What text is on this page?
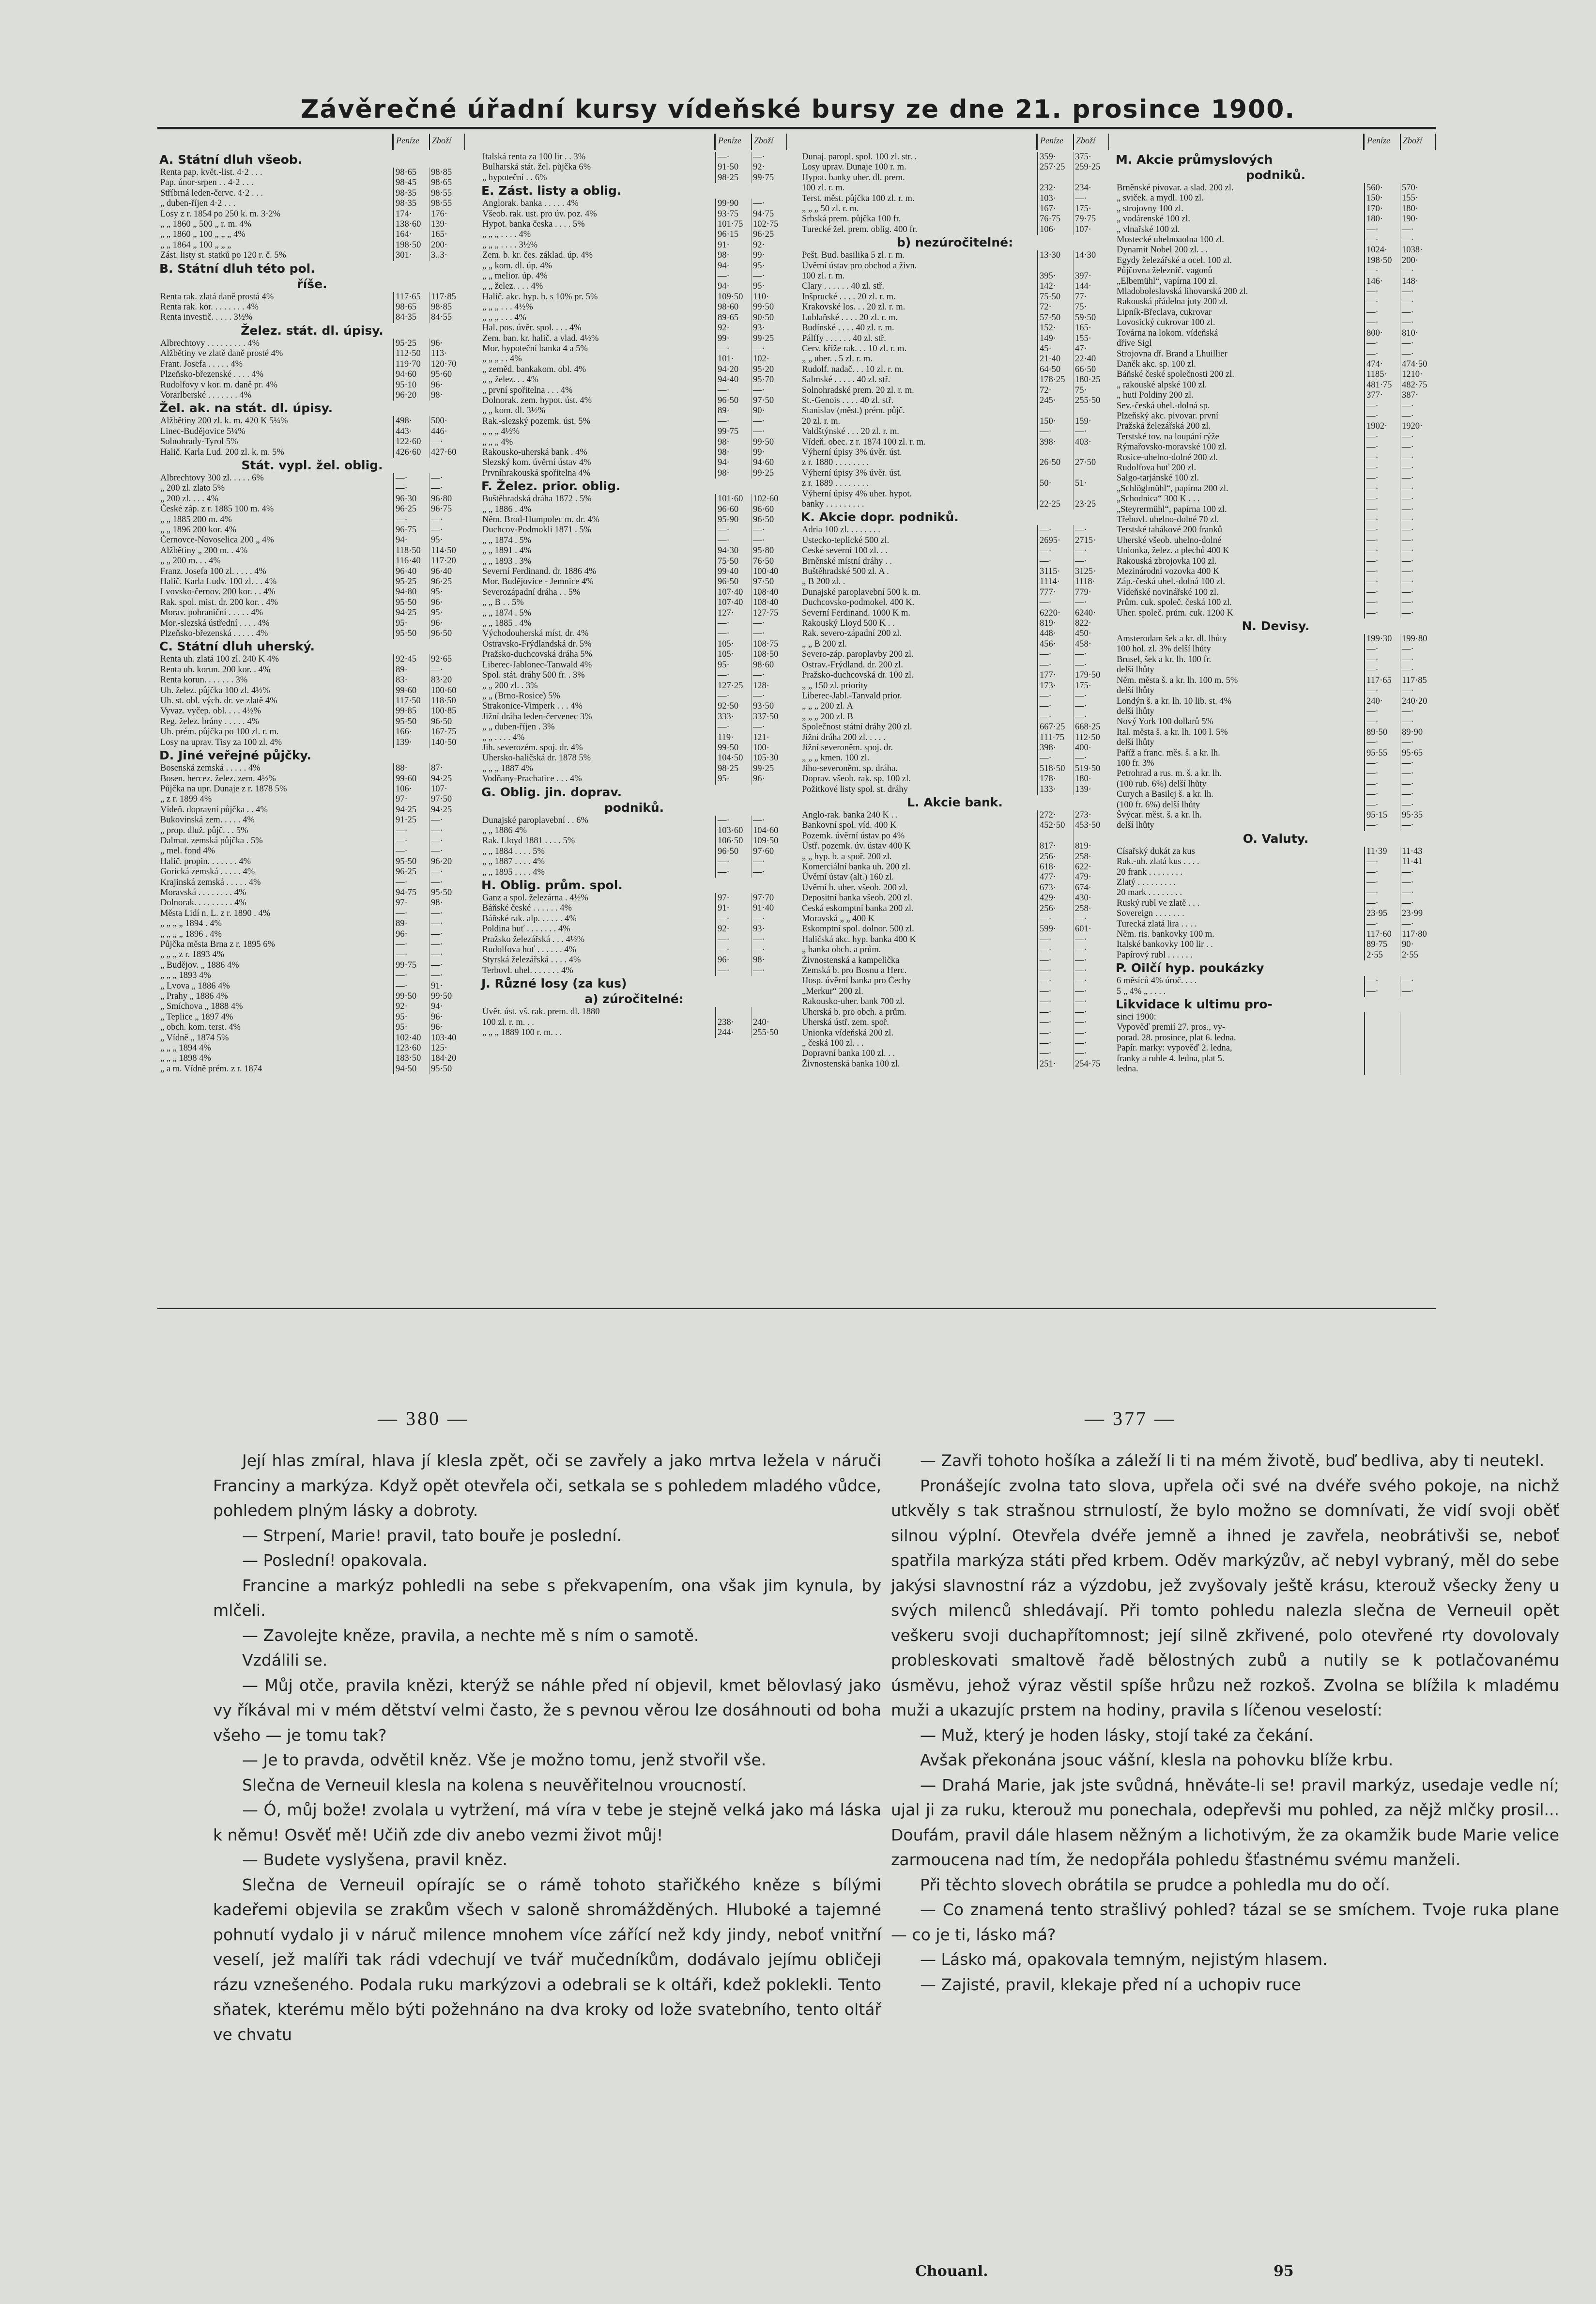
Závěrečné úřadní kursy vídeňské bursy ze dne 21. prosince 1900.
Peníze Zboží
A. Státní dluh všeob.
Renta pap. květ.-list. 4·2 . . .	98·65	98·85
Pap. únor-srpen . . 4·2 . . .	98·45	98·65
Stříbrná leden-červc. 4·2 . . .	98·35	98·55
„ duben-říjen 4·2 . . .	98·35	98·55
Losy z r. 1854 po 250 k. m. 3·2%	174·	176·
„ „ 1860 „ 500 „ r. m. 4%	138·60	139·
„ „ 1860 „ 100 „ „ „ 4%	164·	165·
„ „ 1864 „ 100 „ „ „	198·50	200·
Zást. listy st. statků po 120 r. č. 5%	301·	3..3·
B. Státní dluh této pol.
říše.
Renta rak. zlatá daně prostá 4%	117·65	117·85
Renta rak. kor. . . . . . . . 4%	98·65	98·85
Renta investič. . . . . 3½%	84·35	84·55
Želez. stát. dl. úpisy.
Albrechtovy . . . . . . . . . 4%	95·25	96·
Alžbětiny ve zlatě daně prosté 4%	112·50	113·
Frant. Josefa . . . . . 4%	119·70	120·70
Plzeňsko-březenské . . . . 4%	94·60	95·60
Rudolfovy v kor. m. daně pr. 4%	95·10	96·
Vorarlberské . . . . . . . 4%	96·20	98·
Žel. ak. na stát. dl. úpisy.
Alžbětiny 200 zl. k. m. 420 K 5¼%	498·	500·
Linec-Budějovice 5¼%	443·	446·
Solnohrady-Tyrol 5%	122·60	—·
Halič. Karla Lud. 200 zl. k. m. 5%	426·60	427·60
Stát. vypl. žel. oblig.
Albrechtovy 300 zl. . . . . 6%	—·	—·
„ 200 zl. zlato 5%	—·	—·
„ 200 zl. . . . 4%	96·30	96·80
České záp. z r. 1885 100 m. 4%	96·25	96·75
„ „ 1885 200 m. 4%	—·	—·
„ „ 1896 200 kor. 4%	96·75	—·
Černovce-Novoselica 200 „ 4%	94·	95·
Alžbětiny „ 200 m. . 4%	118·50	114·50
„ „ 200 m. . . 4%	116·40	117·20
Franz. Josefa 100 zl. . . . . 4%	96·40	96·40
Halič. Karla Ludv. 100 zl. . . 4%	95·25	96·25
Lvovsko-černov. 200 kor. . . 4%	94·80	95·
Rak. spol. mist. dr. 200 kor. . 4%	95·50	96·
Morav. pohraniční . . . . . 4%	94·25	95·
Mor.-slezská ústřední . . . . 4%	95·	96·
Plzeňsko-březenská . . . . . 4%	95·50	96·50
C. Státní dluh uherský.
Renta uh. zlatá 100 zl. 240 K 4%	92·45	92·65
Renta uh. korun. 200 kor. . 4%	89·	—·
Renta korun. . . . . . . 3%	83·	83·20
Uh. želez. půjčka 100 zl. 4½%	99·60	100·60
Uh. st. obl. vých. dr. ve zlatě 4%	117·50	118·50
Vyvaz. vyčep. obl. . . . 4½%	99·85	100·85
Reg. želez. brány . . . . . 4%	95·50	96·50
Uh. prém. půjčka po 100 zl. r. m.	166·	167·75
Losy na uprav. Tisy za 100 zl. 4%	139·	140·50
D. Jiné veřejné půjčky.
Bosenská zemská . . . . . 4%	88·	87·
Bosen. hercez. želez. zem. 4½%	99·60	94·25
Půjčka na upr. Dunaje z r. 1878 5%	106·	107·
„ z r. 1899 4%	97·	97·50
Vídeň. dopravní půjčka . . 4%	94·25	94·25
Bukovinská zem. . . . . 4%	91·25	—·
„ prop. dluž. půjč. . . 5%	—·	—·
Dalmat. zemská půjčka . 5%	—·	—·
„ mel. fond 4%	—·	—·
Halič. propin. . . . . . . 4%	95·50	96·20
Gorická zemská . . . . . 4%	96·25	—·
Krajinská zemská . . . . . 4%	—·	—·
Moravská . . . . . . . . 4%	94·75	95·50
Dolnorak. . . . . . . . . 4%	97·	98·
Města Lidí n. L. z r. 1890 . 4%	—·	—·
„ „ „ „ 1894 . 4%	89·	—·
„ „ „ „ 1896 . 4%	96·	—·
Půjčka města Brna z r. 1895 6%	—·	—·
„ „ „ z r. 1893 4%	—·	—·
„ Budějov. „ 1886 4%	99·75	—·
„ „ „ 1893 4%	—·	—·
„ Lvova „ 1886 4%	—·	91·
„ Prahy „ 1886 4%	99·50	99·50
„ Smíchova „ 1888 4%	92·	94·
„ Teplice „ 1897 4%	95·	96·
„ obch. kom. terst. 4%	95·	96·
„ Vídně „ 1874 5%	102·40	103·40
„ „ „ 1894 4%	123·60	125·
„ „ „ 1898 4%	183·50	184·20
„ a m. Vídně prém. z r. 1874	94·50	95·50
Peníze Zboží
Italská renta za 100 lir . . 3%	—·	—·
Bulharská stát. žel. půjčka 6%	91·50	92·
„ hypoteční . . 6%	98·25	99·75
E. Zást. listy a oblig.
Anglorak. banka . . . . . 4%	99·90	—·
Všeob. rak. ust. pro úv. poz. 4%	93·75	94·75
Hypot. banka česka . . . . 5%	101·75	102·75
„ „ „ . . . . 4%	96·15	96·25
„ „ „ . . . . 3½%	91·	92·
Zem. b. kr. čes. základ. úp. 4%	98·	99·
„ „ kom. dl. úp. 4%	94·	95·
„ „ melior. úp. 4%	—·	—·
„ „ želez. . . . 4%	94·	95·
Halič. akc. hyp. b. s 10% pr. 5%	109·50	110·
„ „ „ . . . 4½%	98·60	99·50
„ „ „ . . . 4%	89·65	90·50
Hal. pos. úvěr. spol. . . . 4%	92·	93·
Zem. ban. kr. halič. a vlad. 4½%	99·	99·25
Mor. hypoteční banka 4 a 5%	—·	—·
„ „ „ . . 4%	101·	102·
„ zeměd. bankakom. obl. 4%	94·20	95·20
„ „ želez. . . 4%	94·40	95·70
„ první spořitelna . . . 4%	—·	—·
Dolnorak. zem. hypot. úst. 4%	96·50	97·50
„ „ kom. dl. 3½%	89·	90·
Rak.-slezský pozemk. úst. 5%	—·	—·
„ „ „ 4½%	99·75	—·
„ „ „ 4%	98·	99·50
Rakousko-uherská bank . 4%	98·	99·
Slezský kom. úvěrní ústav 4%	94·	94·60
Prvníhrakouská spořitelna 4%	98·	99·25
F. Želez. prior. oblig.
Buštěhradská dráha 1872 . 5%	101·60	102·60
„ „ 1886 . 4%	96·60	96·60
Něm. Brod-Humpolec m. dr. 4%	95·90	96·50
Duchcov-Podmokli 1871 . 5%	—·	—·
„ „ 1874 . 5%	—·	—·
„ „ 1891 . 4%	94·30	95·80
„ „ 1893 . 3%	75·50	76·50
Severní Ferdinand. dr. 1886 4%	99·40	100·40
Mor. Budějovice - Jemnice 4%	96·50	97·50
Severozápadní dráha . . 5%	107·40	108·40
„ „ B . . 5%	107·40	108·40
„ „ 1874 . 5%	127·	127·75
„ „ 1885 . 4%	—·	—·
Východouherská míst. dr. 4%	—·	—·
Ostravsko-Frýdlandská dr. 5%	105·	108·75
Pražsko-duchcovská dráha 5%	105·	108·50
Liberec-Jablonec-Tanwald 4%	95·	98·60
Spol. stát. dráhy 500 fr. . 3%	—·	—·
„ „ 200 zl. . 3%	127·25	128·
„ „ (Brno-Rosice) 5%	—·	—·
Strakonice-Vimperk . . . 4%	92·50	93·50
Jižní dráha leden-červenec 3%	333·	337·50
„ „ duben-říjen . 3%	—·	—·
„ „ . . . . 4%	119·	121·
Jih. severozém. spoj. dr. 4%	99·50	100·
Uhersko-haličská dr. 1878 5%	104·50	105·30
„ „ „ 1887 4%	98·25	99·25
Vodňany-Prachatice . . . 4%	95·	96·
G. Oblig. jin. doprav.
podniků.
Dunajské paroplavební . . 6%	—·	—·
„ „ 1886 4%	103·60	104·60
Rak. Lloyd 1881 . . . . 5%	106·50	109·50
„ „ 1884 . . . . 5%	96·50	97·60
„ „ 1887 . . . . 4%	—·	—·
„ „ 1895 . . . . 4%	—·	—·
H. Oblig. prům. spol.
Ganz a spol. železárna . 4½%	97·	97·70
Báňské české . . . . . . 4%	91·	91·40
Báňské rak. alp. . . . . . 4%	—·	—·
Poldina huť . . . . . . . 4%	92·	93·
Pražsko železářská . . . 4½%	—·	—·
Rudolfova huť . . . . . . 4%	—·	—·
Styrská železářská . . . . 4%	96·	98·
Terbovl. uhel. . . . . . . 4%	—·	—·
J. Různé losy (za kus)
a) zúročitelné:
Úvěr. úst. vš. rak. prem. dl. 1880
100 zl. r. m. . .	238·	240·
„ „ „ 1889 100 r. m. . .	244·	255·50
Peníze Zboží
Dunaj. paropl. spol. 100 zl. str. .	359·	375·
Losy uprav. Dunaje 100 r. m.	257·25	259·25
Hypot. banky uher. dl. prem.
100 zl. r. m.	232·	234·
Terst. měst. půjčka 100 zl. r. m.	103·	—·
„ „ „ 50 zl. r. m.	167·	175·
Srbská prem. půjčka 100 fr.	76·75	79·75
Turecké žel. prem. oblig. 400 fr.	106·	107·
b) nezúročitelné:
Pešt. Bud. basilika 5 zl. r. m.	13·30	14·30
Úvěrní ústav pro obchod a živn.
100 zl. r. m.	395·	397·
Clary . . . . . . 40 zl. stř.	142·	144·
Inšprucké . . . . 20 zl. r. m.	75·50	77·
Krakovské los. . . 20 zl. r. m.	72·	75·
Lublaňské . . . . 20 zl. r. m.	57·50	59·50
Budínské . . . . 40 zl. r. m.	152·	165·
Pálffy . . . . . . 40 zl. stř.	149·	155·
Cerv. kříže rak. . . 10 zl. r. m.	45·	47·
„ „ uher. . 5 zl. r. m.	21·40	22·40
Rudolf. nadač. . . 10 zl. r. m.	64·50	66·50
Salmské . . . . . 40 zl. stř.	178·25	180·25
Solnohradské prem. 20 zl. r. m.	72·	75·
St.-Genois . . . . 40 zl. stř.	245·	255·50
Stanislav (měst.) prém. půjč.
20 zl. r. m.	150·	159·
Valdštýnské . . . 20 zl. r. m.	—·	—·
Vídeň. obec. z r. 1874 100 zl. r. m.	398·	403·
Výherní úpisy 3% úvěr. úst.
z r. 1880 . . . . . . . .	26·50	27·50
Výherní úpisy 3% úvěr. úst.
z r. 1889 . . . . . . . .	50·	51·
Výherní úpisy 4% uher. hypot.
banky . . . . . . . . .	22·25	23·25
K. Akcie dopr. podniků.
Adria 100 zl. . . . . . . .	—·	—·
Ústecko-teplické 500 zl.	2695·	2715·
České severní 100 zl. . .	—·	—·
Brněnské místní dráhy . .	—·	—·
Buštěhradské 500 zl. A .	3115·	3125·
„ B 200 zl. .	1114·	1118·
Dunajské paroplavební 500 k. m.	777·	779·
Duchcovsko-podmokel. 400 K.	—·	—·
Severní Ferdinand. 1000 K m.	6220·	6240·
Rakouský Lloyd 500 K . .	819·	822·
Rak. severo-západní 200 zl.	448·	450·
„ „ B 200 zl.	456·	458·
Severo-záp. paroplavby 200 zl.	—·	—·
Ostrav.-Frýdland. dr. 200 zl.	—·	—·
Pražsko-duchcovská dr. 100 zl.	177·	179·50
„ „ 150 zl. priority	173·	175·
Liberec-Jabl.-Tanvald prior.	—·	—·
„ „ „ 200 zl. A	—·	—·
„ „ „ 200 zl. B	—·	—·
Společnost státní dráhy 200 zl.	667·25	668·25
Jižní dráha 200 zl. . . . .	111·75	112·50
Jižní severoněm. spoj. dr.	398·	400·
„ „ „ kmen. 100 zl.	—·	—·
Jiho-severoněm. sp. dráha.	518·50	519·50
Doprav. všeob. rak. sp. 100 zl.	178·	180·
Požitkové listy spol. st. dráhy	133·	139·
L. Akcie bank.
Anglo-rak. banka 240 K . .	272·	273·
Bankovní spol. víd. 400 K	452·50	453·50
Pozemk. úvěrní ústav po 4%
Ústř. pozemk. úv. ústav 400 K	817·	819·
„ „ hyp. b. a spoř. 200 zl.	256·	258·
Komerciální banka uh. 200 zl.	618·	622·
Úvěrní ústav (alt.) 160 zl.	477·	479·
Úvěrní b. uher. všeob. 200 zl.	673·	674·
Depositní banka všeob. 200 zl.	429·	430·
Česká eskomptní banka 200 zl.	256·	258·
Moravská „ „ 400 K	—·	—·
Eskomptní spol. dolnor. 500 zl.	599·	601·
Haličská akc. hyp. banka 400 K	—·	—·
„ banka obch. a prům.	—·	—·
Živnostenská a kampelička	—·	—·
Zemská b. pro Bosnu a Herc.	—·	—·
Hosp. úvěrní banka pro Čechy	—·	—·
„Merkur“ 200 zl.	—·	—·
Rakousko-uher. bank 700 zl.	—·	—·
Uherská b. pro obch. a prům.	—·	—·
Uherská ústř. zem. spoř.	—·	—·
Unionka vídeňská 200 zl.	—·	—·
„ česká 100 zl. . .	—·	—·
Dopravní banka 100 zl. . .	—·	—·
Živnostenská banka 100 zl.	251·	254·75
Peníze Zboží
M. Akcie průmyslových
podniků.
Brněnské pivovar. a slad. 200 zl.	560·	570·
„ sviček. a mydl. 100 zl.	150·	155·
„ strojovny 100 zl.	170·	180·
„ vodárenské 100 zl.	180·	190·
„ vlnařské 100 zl.	—·	—·
Mostecké uhelnoaolna 100 zl.	—·	—·
Dynamit Nobel 200 zl. . .	1024·	1038·
Egydy železářské a ocel. 100 zl.	198·50	200·
Půjčovna železnič. vagonů	—·	—·
„Elbemühl“, vapírna 100 zl.	146·	148·
Mladoboleslavská lihovarská 200 zl.	—·	—·
Rakouská přádelna juty 200 zl.	—·	—·
Lipník-Břeclava, cukrovar	—·	—·
Lovosický cukrovar 100 zl.	—·	—·
Továrna na lokom. vídeňská	800·	810·
dříve Sigl	—·	—·
Strojovna dř. Brand a Lhuillier	—·	—·
Daněk akc. sp. 100 zl.	474·	474·50
Báňské české společnosti 200 zl.	1185·	1210·
„ rakouské alpské 100 zl.	481·75	482·75
„ huti Poldiny 200 zl.	377·	387·
Sev.-česká uhel.-dolná sp.	—·	—·
Plzeňský akc. pivovar. první	—·	—·
Pražská železářská 200 zl.	1902·	1920·
Terstské tov. na loupání rýže	—·	—·
Rýmařovsko-moravské 100 zl.	—·	—·
Rosice-uhelno-dolné 200 zl.	—·	—·
Rudolfova huť 200 zl.	—·	—·
Salgo-tarjánské 100 zl.	—·	—·
„Schlöglmühl“, papírna 200 zl.	—·	—·
„Schodnica“ 300 K . . .	—·	—·
„Steyrermühl“, papírna 100 zl.	—·	—·
Třebovl. uhelno-dolné 70 zl.	—·	—·
Terstské tabákové 200 franků	—·	—·
Uherské všeob. uhelno-dolné	—·	—·
Unionka, želez. a plechů 400 K	—·	—·
Rakouská zbrojovka 100 zl.	—·	—·
Mezinárodní vozovka 400 K	—·	—·
Záp.-česká uhel.-dolná 100 zl.	—·	—·
Vídeňské novinářské 100 zl.	—·	—·
Prům. cuk. společ. česká 100 zl.	—·	—·
Uher. společ. prům. cuk. 1200 K	—·	—·
N. Devisy.
Amsterodam šek a kr. dl. lhůty	199·30	199·80
100 hol. zl. 3% delší lhůty	—·	—·
Brusel, šek a kr. lh. 100 fr.	—·	—·
delší lhůty	—·	—·
Něm. města š. a kr. lh. 100 m. 5%	117·65	117·85
delší lhůty	—·	—·
Londýn š. a kr. lh. 10 lib. st. 4%	240·	240·20
delší lhůty	—·	—·
Nový York 100 dollarů 5%	—·	—·
Ital. města š. a kr. lh. 100 l. 5%	89·50	89·90
delší lhůty	—·	—·
Paříž a franc. měs. š. a kr. lh.	95·55	95·65
100 fr. 3%	—·	—·
Petrohrad a rus. m. š. a kr. lh.	—·	—·
(100 rub. 6%) delší lhůty	—·	—·
Curych a Basilej š. a kr. lh.	—·	—·
(100 fr. 6%) delší lhůty	—·	—·
Švýcar. měst. š. a kr. lh.	95·15	95·35
delší lhůty	—·	—·
O. Valuty.
Císařský dukát za kus	11·39	11·43
Rak.-uh. zlatá kus . . . .	—·	11·41
20 frank . . . . . . . .	—·	—·
Zlatý . . . . . . . . .	—·	—·
20 mark . . . . . . . .	—·	—·
Ruský rubl ve zlatě . . .	—·	—·
Sovereign . . . . . . .	23·95	23·99
Turecká zlatá lira . . . .	—·	—·
Něm. ris. bankovky 100 m.	117·60	117·80
Italské bankovky 100 lir . .	89·75	90·
Papírový rubl . . . . . .	2·55	2·55
P. Oilčí hyp. poukázky
6 měsíců 4% úroč. . . .	—·	—·
5 „ 4% „ . . . .	—·	—·
Likvidace k ultimu pro-
sinci 1900:
Vypověď premií 27. pros., vy-
porad. 28. prosince, plat 6. ledna.
Papír. marky: vypověď 2. ledna,
franky a ruble 4. ledna, plat 5.
ledna.
— 380 —	— 377 —

Její hlas zmíral, hlava jí klesla zpět, oči se zavřely a jako mrtva ležela v náruči Franciny a markýza. Když opět otevřela oči, setkala se s pohledem mladého vůdce, pohledem plným lásky a dobroty.

— Strpení, Marie! pravil, tato bouře je poslední.

— Poslední! opakovala.

Francine a markýz pohledli na sebe s překvapením, ona však jim kynula, by mlčeli.

— Zavolejte kněze, pravila, a nechte mě s ním o samotě.

Vzdálili se.

— Můj otče, pravila knězi, kterýž se náhle před ní objevil, kmet bělovlasý jako vy říkával mi v mém dětství velmi často, že s pevnou věrou lze dosáhnouti od boha všeho — je tomu tak?

— Je to pravda, odvětil kněz. Vše je možno tomu, jenž stvořil vše.

Slečna de Verneuil klesla na kolena s neuvěřitelnou vroucností.

— Ó, můj bože! zvolala u vytržení, má víra v tebe je stejně velká jako má láska k němu! Osvěť mě! Učiň zde div anebo vezmi život můj!

— Budete vyslyšena, pravil kněz.

Slečna de Verneuil opírajíc se o rámě tohoto stařičkého kněze s bílými kadeřemi objevila se zrakům všech v saloně shromážděných. Hluboké a tajemné pohnutí vydalo ji v náruč milence mnohem více zářící než kdy jindy, neboť vnitřní veselí, jež malíři tak rádi vdechují ve tvář mučedníkům, dodávalo jejímu obličeji rázu vznešeného. Podala ruku markýzovi a odebrali se k oltáři, kdež poklekli. Tento sňatek, kterému mělo býti požehnáno na dva kroky od lože svatebního, tento oltář ve chvatu

— Zavři tohoto hošíka a záleží li ti na mém životě, buď bedliva, aby ti neutekl.

Pronášejíc zvolna tato slova, upřela oči své na dvéře svého pokoje, na nichž utkvěly s tak strašnou strnulostí, že bylo možno se domnívati, že vidí svoji oběť silnou výplní. Otevřela dvéře jemně a ihned je zavřela, neobrátivši se, neboť spatřila markýza státi před krbem. Oděv markýzův, ač nebyl vybraný, měl do sebe jakýsi slavnostní ráz a výzdobu, jež zvyšovaly ještě krásu, kterouž všecky ženy u svých milenců shledávají. Při tomto pohledu nalezla slečna de Verneuil opět veškeru svoji duchapřítomnost; její silně zkřivené, polo otevřené rty dovolovaly probleskovati smaltově řadě bělostných zubů a nutily se k potlačovanému úsměvu, jehož výraz věstil spíše hrůzu než rozkoš. Zvolna se blížila k mladému muži a ukazujíc prstem na hodiny, pravila s líčenou veselostí:

— Muž, který je hoden lásky, stojí také za čekání.

Avšak překonána jsouc vášní, klesla na pohovku blíže krbu.

— Drahá Marie, jak jste svůdná, hněváte-li se! pravil markýz, usedaje vedle ní; ujal ji za ruku, kterouž mu ponechala, odepřevši mu pohled, za nějž mlčky prosil... Doufám, pravil dále hlasem něžným a lichotivým, že za okamžik bude Marie velice zarmoucena nad tím, že nedopřála pohledu šťastnému svému manželi.

Při těchto slovech obrátila se prudce a pohledla mu do očí.

— Co znamená tento strašlivý pohled? tázal se se smíchem. Tvoje ruka plane — co je ti, lásko má?

— Lásko má, opakovala temným, nejistým hlasem.

— Zajisté, pravil, klekaje před ní a uchopiv ruce

Chouanl.	95
